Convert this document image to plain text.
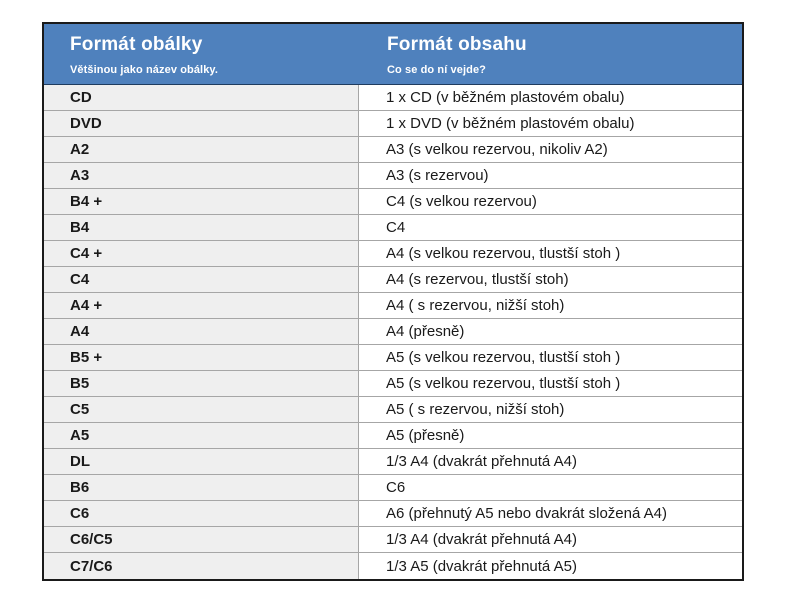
Formát obálky
Většinou jako název obálky.
Formát obsahu
Co se do ní vejde?
CD	1 x CD (v běžném plastovém obalu)
DVD	1 x DVD (v běžném plastovém obalu)
A2	A3 (s velkou rezervou, nikoliv A2)
A3	A3 (s rezervou)
B4 +	C4 (s velkou rezervou)
B4	C4
C4 +	A4 (s velkou rezervou, tlustší stoh )
C4	A4 (s rezervou, tlustší stoh)
A4 +	A4 ( s rezervou, nižší stoh)
A4	A4 (přesně)
B5 +	A5 (s velkou rezervou, tlustší stoh )
B5	A5 (s velkou rezervou, tlustší stoh )
C5	A5 ( s rezervou, nižší stoh)
A5	A5 (přesně)
DL	1/3 A4 (dvakrát přehnutá A4)
B6	C6
C6	A6 (přehnutý A5 nebo dvakrát složená A4)
C6/C5	1/3 A4 (dvakrát přehnutá A4)
C7/C6	1/3 A5 (dvakrát přehnutá A5)
